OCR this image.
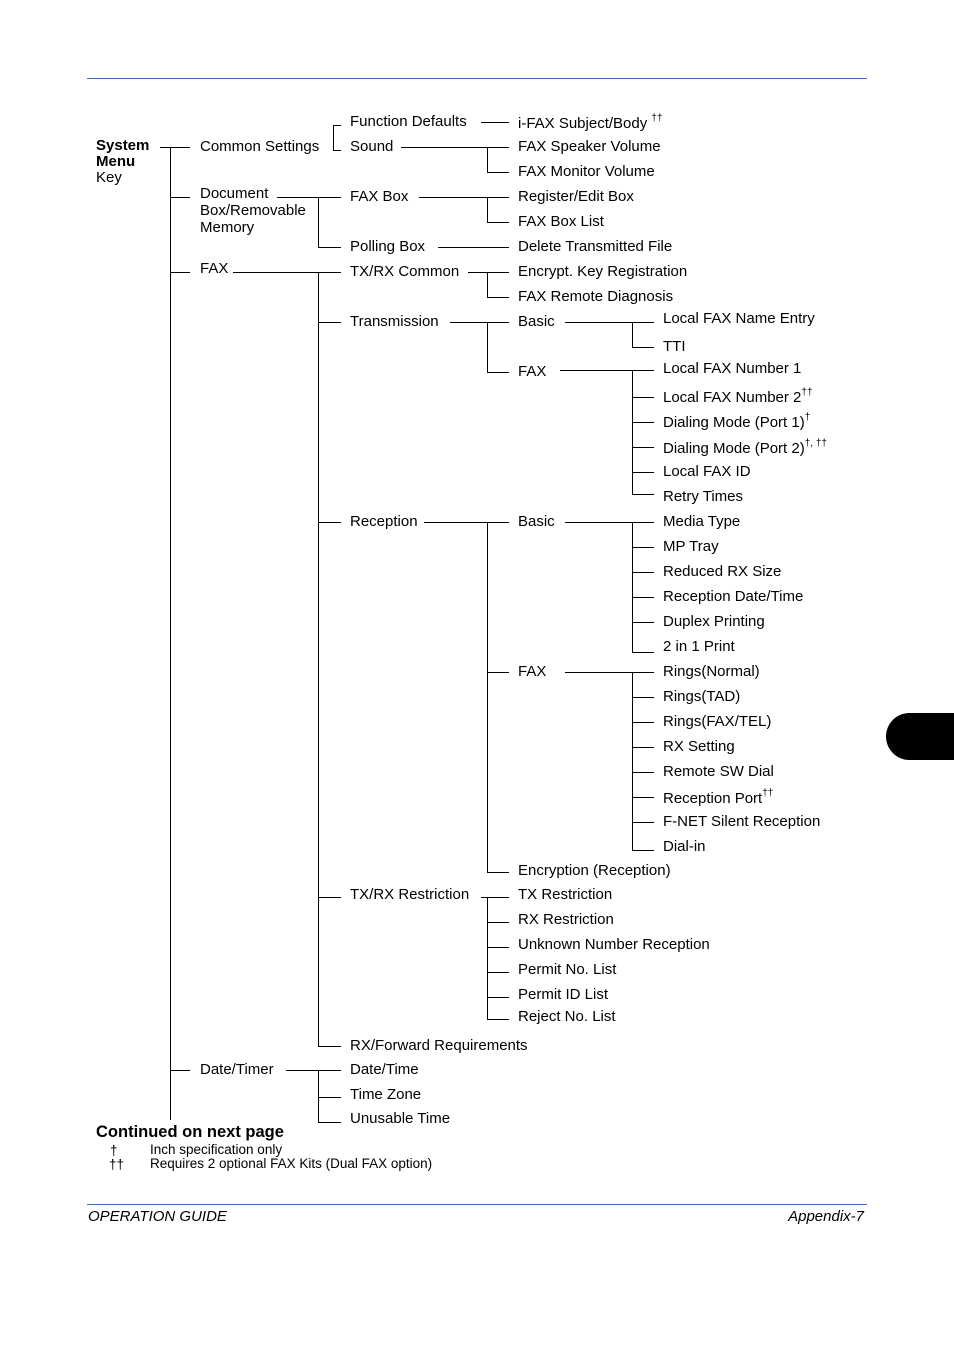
System
Menu
Key
Common Settings
Document
Box/Removable
Memory
FAX
Date/Timer
Function Defaults
Sound
FAX Box
Polling Box
TX/RX Common
Transmission
Reception
TX/RX Restriction
RX/Forward Requirements
Date/Time
Time Zone
Unusable Time
i-FAX Subject/Body ††
FAX Speaker Volume
FAX Monitor Volume
Register/Edit Box
FAX Box List
Delete Transmitted File
Encrypt. Key Registration
FAX Remote Diagnosis
Basic
FAX
Basic
FAX
Encryption (Reception)
TX Restriction
RX Restriction
Unknown Number Reception
Permit No. List
Permit ID List
Reject No. List
Local FAX Name Entry
TTI
Local FAX Number 1
Local FAX Number 2††
Dialing Mode (Port 1)†
Dialing Mode (Port 2)†, ††
Local FAX ID
Retry Times
Media Type
MP Tray
Reduced RX Size
Reception Date/Time
Duplex Printing
2 in 1 Print
Rings(Normal)
Rings(TAD)
Rings(FAX/TEL)
RX Setting
Remote SW Dial
Reception Port††
F-NET Silent Reception
Dial-in
Continued on next page
† Inch specification only
†† Requires 2 optional FAX Kits (Dual FAX option)
OPERATION GUIDE	Appendix-7
